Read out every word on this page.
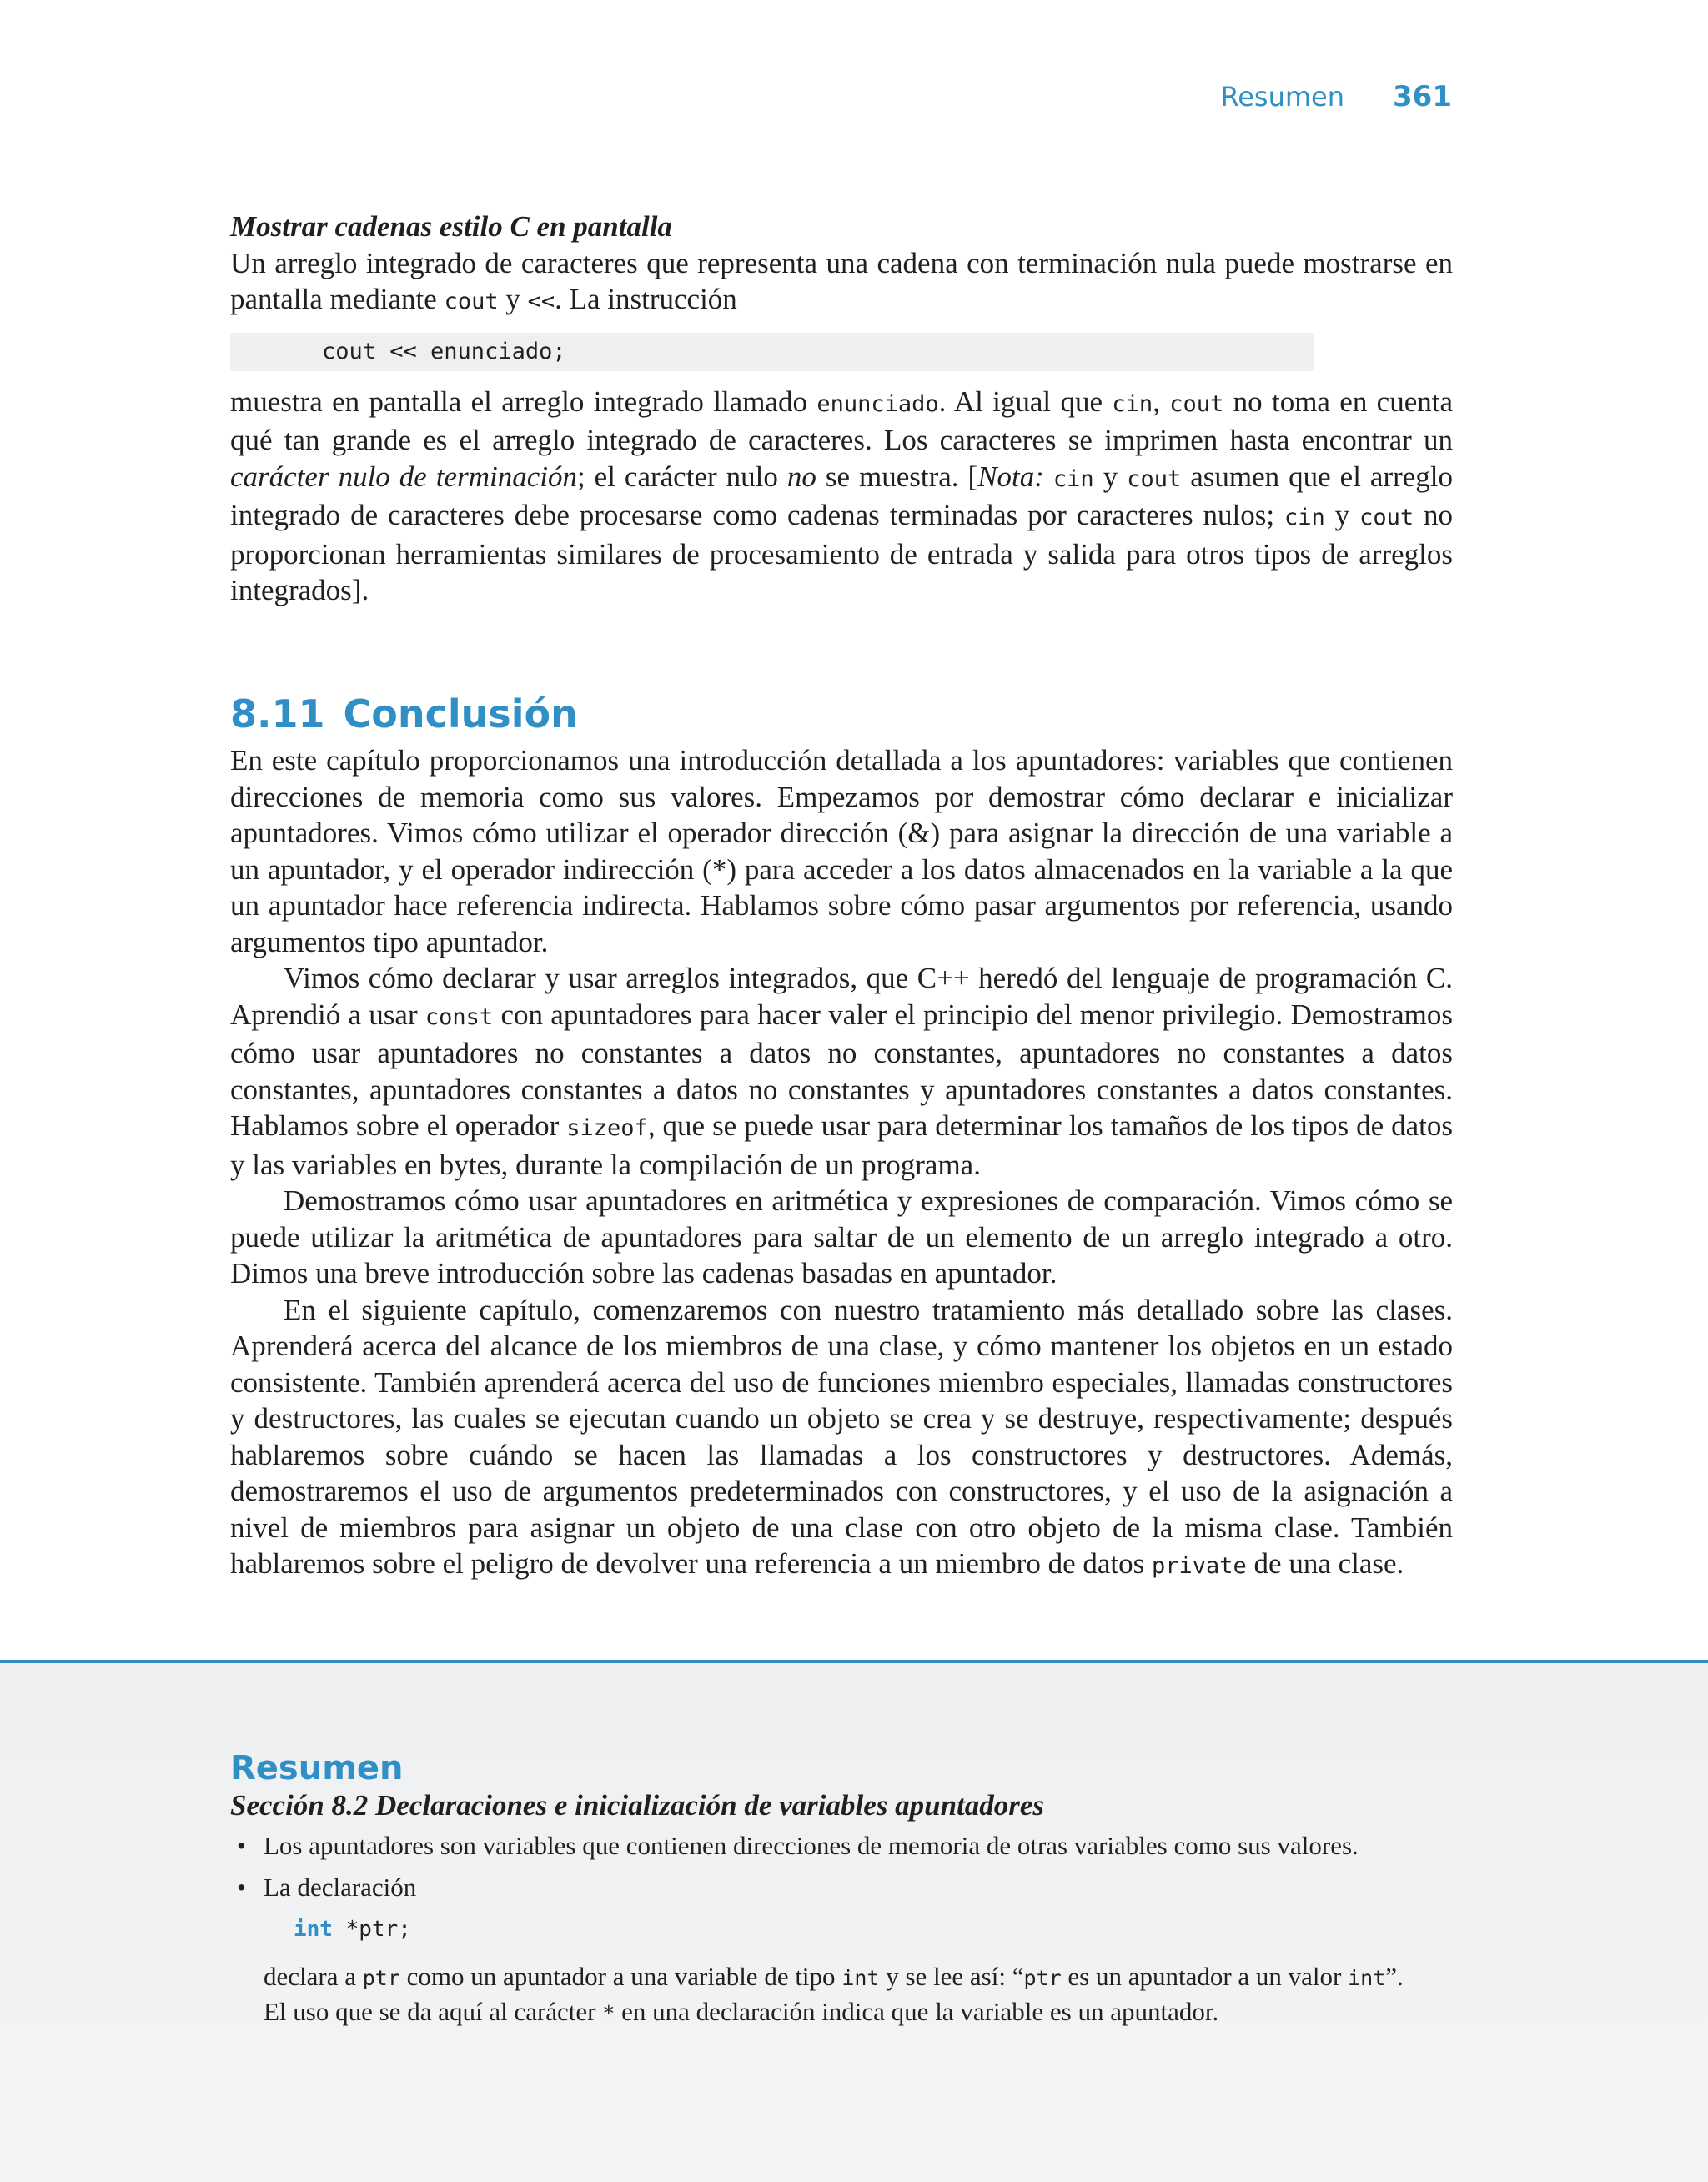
Resumen 361
Mostrar cadenas estilo C en pantalla

Un arreglo integrado de caracteres que representa una cadena con terminación nula puede mostrarse en pantalla mediante cout y <<. La instrucción

cout << enunciado;

muestra en pantalla el arreglo integrado llamado enunciado. Al igual que cin, cout no toma en cuenta qué tan grande es el arreglo integrado de caracteres. Los caracteres se imprimen hasta encontrar un carácter nulo de terminación; el carácter nulo no se muestra. [Nota: cin y cout asumen que el arreglo integrado de caracteres debe procesarse como cadenas terminadas por caracteres nulos; cin y cout no proporcionan herramientas similares de procesamiento de entrada y salida para otros tipos de arreglos integrados].

8.11 Conclusión

En este capítulo proporcionamos una introducción detallada a los apuntadores: variables que contienen direcciones de memoria como sus valores. Empezamos por demostrar cómo declarar e inicializar apuntadores. Vimos cómo utilizar el operador dirección (&) para asignar la dirección de una variable a un apuntador, y el operador indirección (*) para acceder a los datos almacenados en la variable a la que un apuntador hace referencia indirecta. Hablamos sobre cómo pasar argumentos por referencia, usando argumentos tipo apuntador.

Vimos cómo declarar y usar arreglos integrados, que C++ heredó del lenguaje de programación C. Aprendió a usar const con apuntadores para hacer valer el principio del menor privilegio. Demostramos cómo usar apuntadores no constantes a datos no constantes, apuntadores no constantes a datos constantes, apuntadores constantes a datos no constantes y apuntadores constantes a datos constantes. Hablamos sobre el operador sizeof, que se puede usar para determinar los tamaños de los tipos de datos y las variables en bytes, durante la compilación de un programa.

Demostramos cómo usar apuntadores en aritmética y expresiones de comparación. Vimos cómo se puede utilizar la aritmética de apuntadores para saltar de un elemento de un arreglo integrado a otro. Dimos una breve introducción sobre las cadenas basadas en apuntador.

En el siguiente capítulo, comenzaremos con nuestro tratamiento más detallado sobre las clases. Aprenderá acerca del alcance de los miembros de una clase, y cómo mantener los objetos en un estado consistente. También aprenderá acerca del uso de funciones miembro especiales, llamadas constructores y destructores, las cuales se ejecutan cuando un objeto se crea y se destruye, respectivamente; después hablaremos sobre cuándo se hacen las llamadas a los constructores y destructores. Además, demostraremos el uso de argumentos predeterminados con constructores, y el uso de la asignación a nivel de miembros para asignar un objeto de una clase con otro objeto de la misma clase. También hablaremos sobre el peligro de devolver una referencia a un miembro de datos private de una clase.

Resumen
Sección 8.2 Declaraciones e inicialización de variables apuntadores
• Los apuntadores son variables que contienen direcciones de memoria de otras variables como sus valores.
• La declaración
int *ptr;

declara a ptr como un apuntador a una variable de tipo int y se lee así: “ptr es un apuntador a un valor int”.
El uso que se da aquí al carácter * en una declaración indica que la variable es un apuntador.
